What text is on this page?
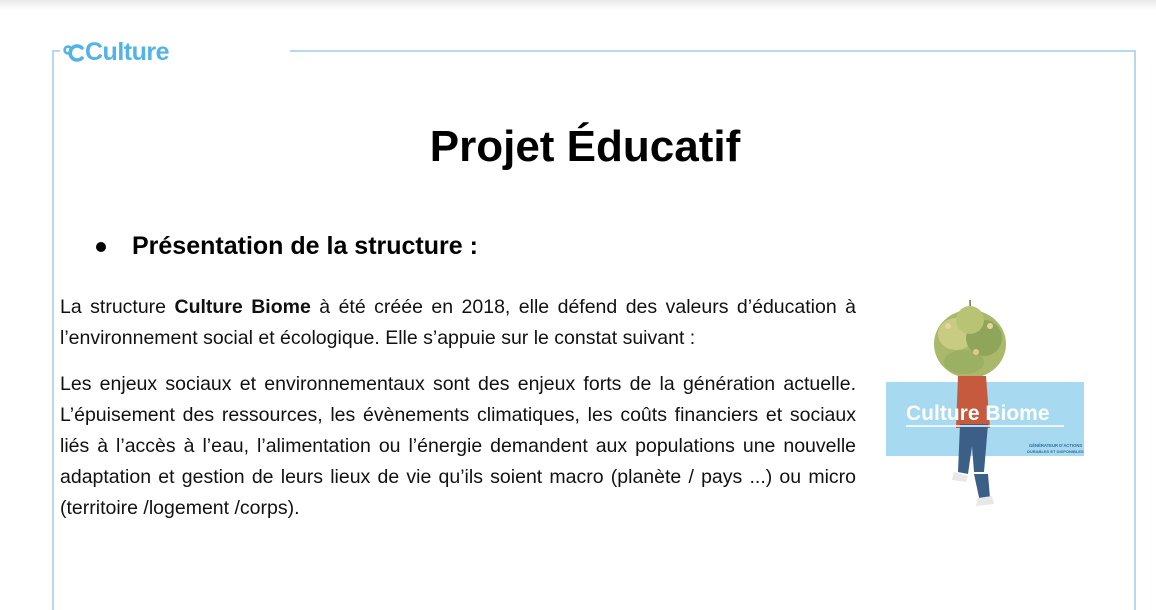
Culture
Projet Éducatif
Présentation de la structure :

La structure Culture Biome à été créée en 2018, elle défend des valeurs d’éducation à l’environnement social et écologique. Elle s’appuie sur le constat suivant :

Les enjeux sociaux et environnementaux sont des enjeux forts de la génération actuelle. L’épuisement des ressources, les évènements climatiques, les coûts financiers et sociaux liés à l’accès à l’eau, l’alimentation ou l’énergie demandent aux populations une nouvelle adaptation et gestion de leurs lieux de vie qu’ils soient macro (planète / pays ...) ou micro (territoire /logement /corps).

Culture Biome
GÉNÉRATEUR D’ACTIONS
DURABLES ET DISPONIBLES
